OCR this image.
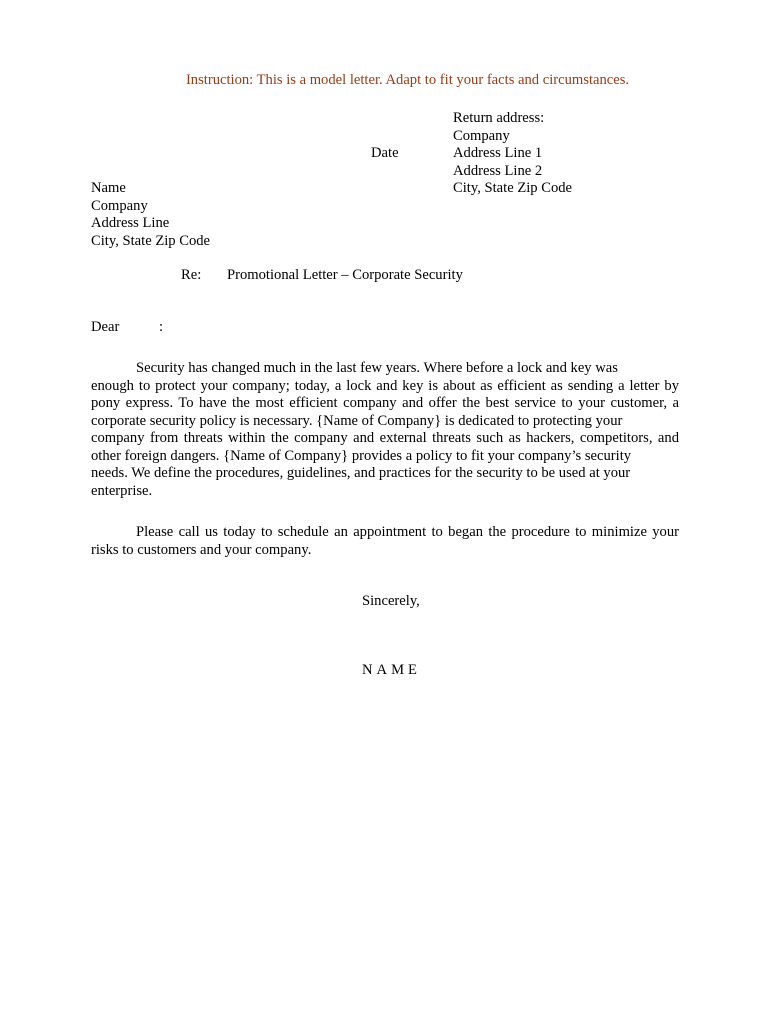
Instruction: This is a model letter. Adapt to fit your facts and circumstances.
Return address:
Company
Address Line 1
Address Line 2
City, State Zip Code
Date
Name
Company
Address Line
City, State Zip Code
Re: Promotional Letter – Corporate Security
Dear	:
Security has changed much in the last few years. Where before a lock and key was
enough to protect your company; today, a lock and key is about as efficient as sending a letter by
pony express. To have the most efficient company and offer the best service to your customer, a
corporate security policy is necessary. {Name of Company} is dedicated to protecting your
company from threats within the company and external threats such as hackers, competitors, and
other foreign dangers. {Name of Company} provides a policy to fit your company’s security
needs. We define the procedures, guidelines, and practices for the security to be used at your
enterprise.
Please call us today to schedule an appointment to began the procedure to minimize your
risks to customers and your company.
Sincerely,
NAME
